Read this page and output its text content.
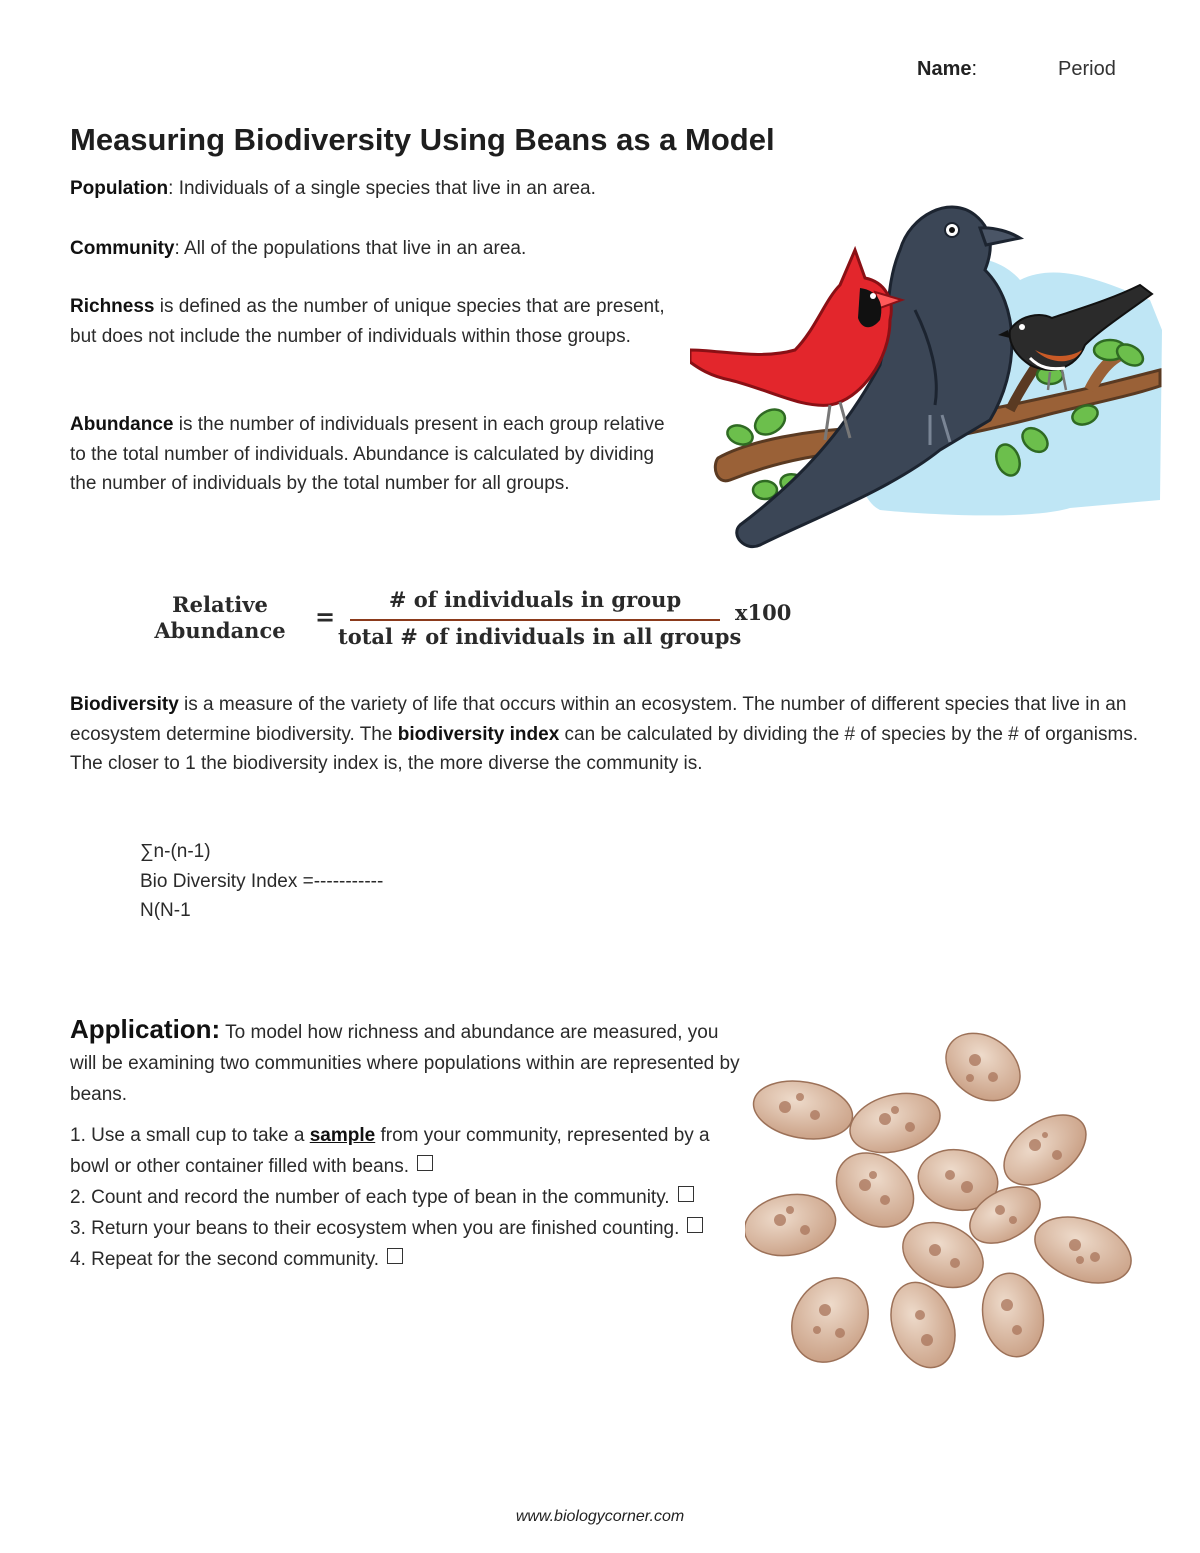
Name:	Period
Measuring Biodiversity Using Beans as a Model
Population: Individuals of a single species that live in an area.
Community: All of the populations that live in an area.
Richness is defined as the number of unique species that are present, but does not include the number of individuals within those groups.
Abundance is the number of individuals present in each group relative to the total number of individuals. Abundance is calculated by dividing the number of individuals by the total number for all groups.
Relative
Abundance =
# of individuals in group
total # of individuals in all groups
x100
Biodiversity is a measure of the variety of life that occurs within an ecosystem. The number of different species that live in an ecosystem determine biodiversity. The biodiversity index can be calculated by dividing the # of species by the # of organisms. The closer to 1 the biodiversity index is, the more diverse the community is.
∑n-(n-1)
Bio Diversity Index =-----------
N(N-1
Application: To model how richness and abundance are measured, you will be examining two communities where populations within are represented by beans.
1. Use a small cup to take a sample from your community, represented by a bowl or other container filled with beans.
2. Count and record the number of each type of bean in the community.
3. Return your beans to their ecosystem when you are finished counting.
4. Repeat for the second community.
www.biologycorner.com
